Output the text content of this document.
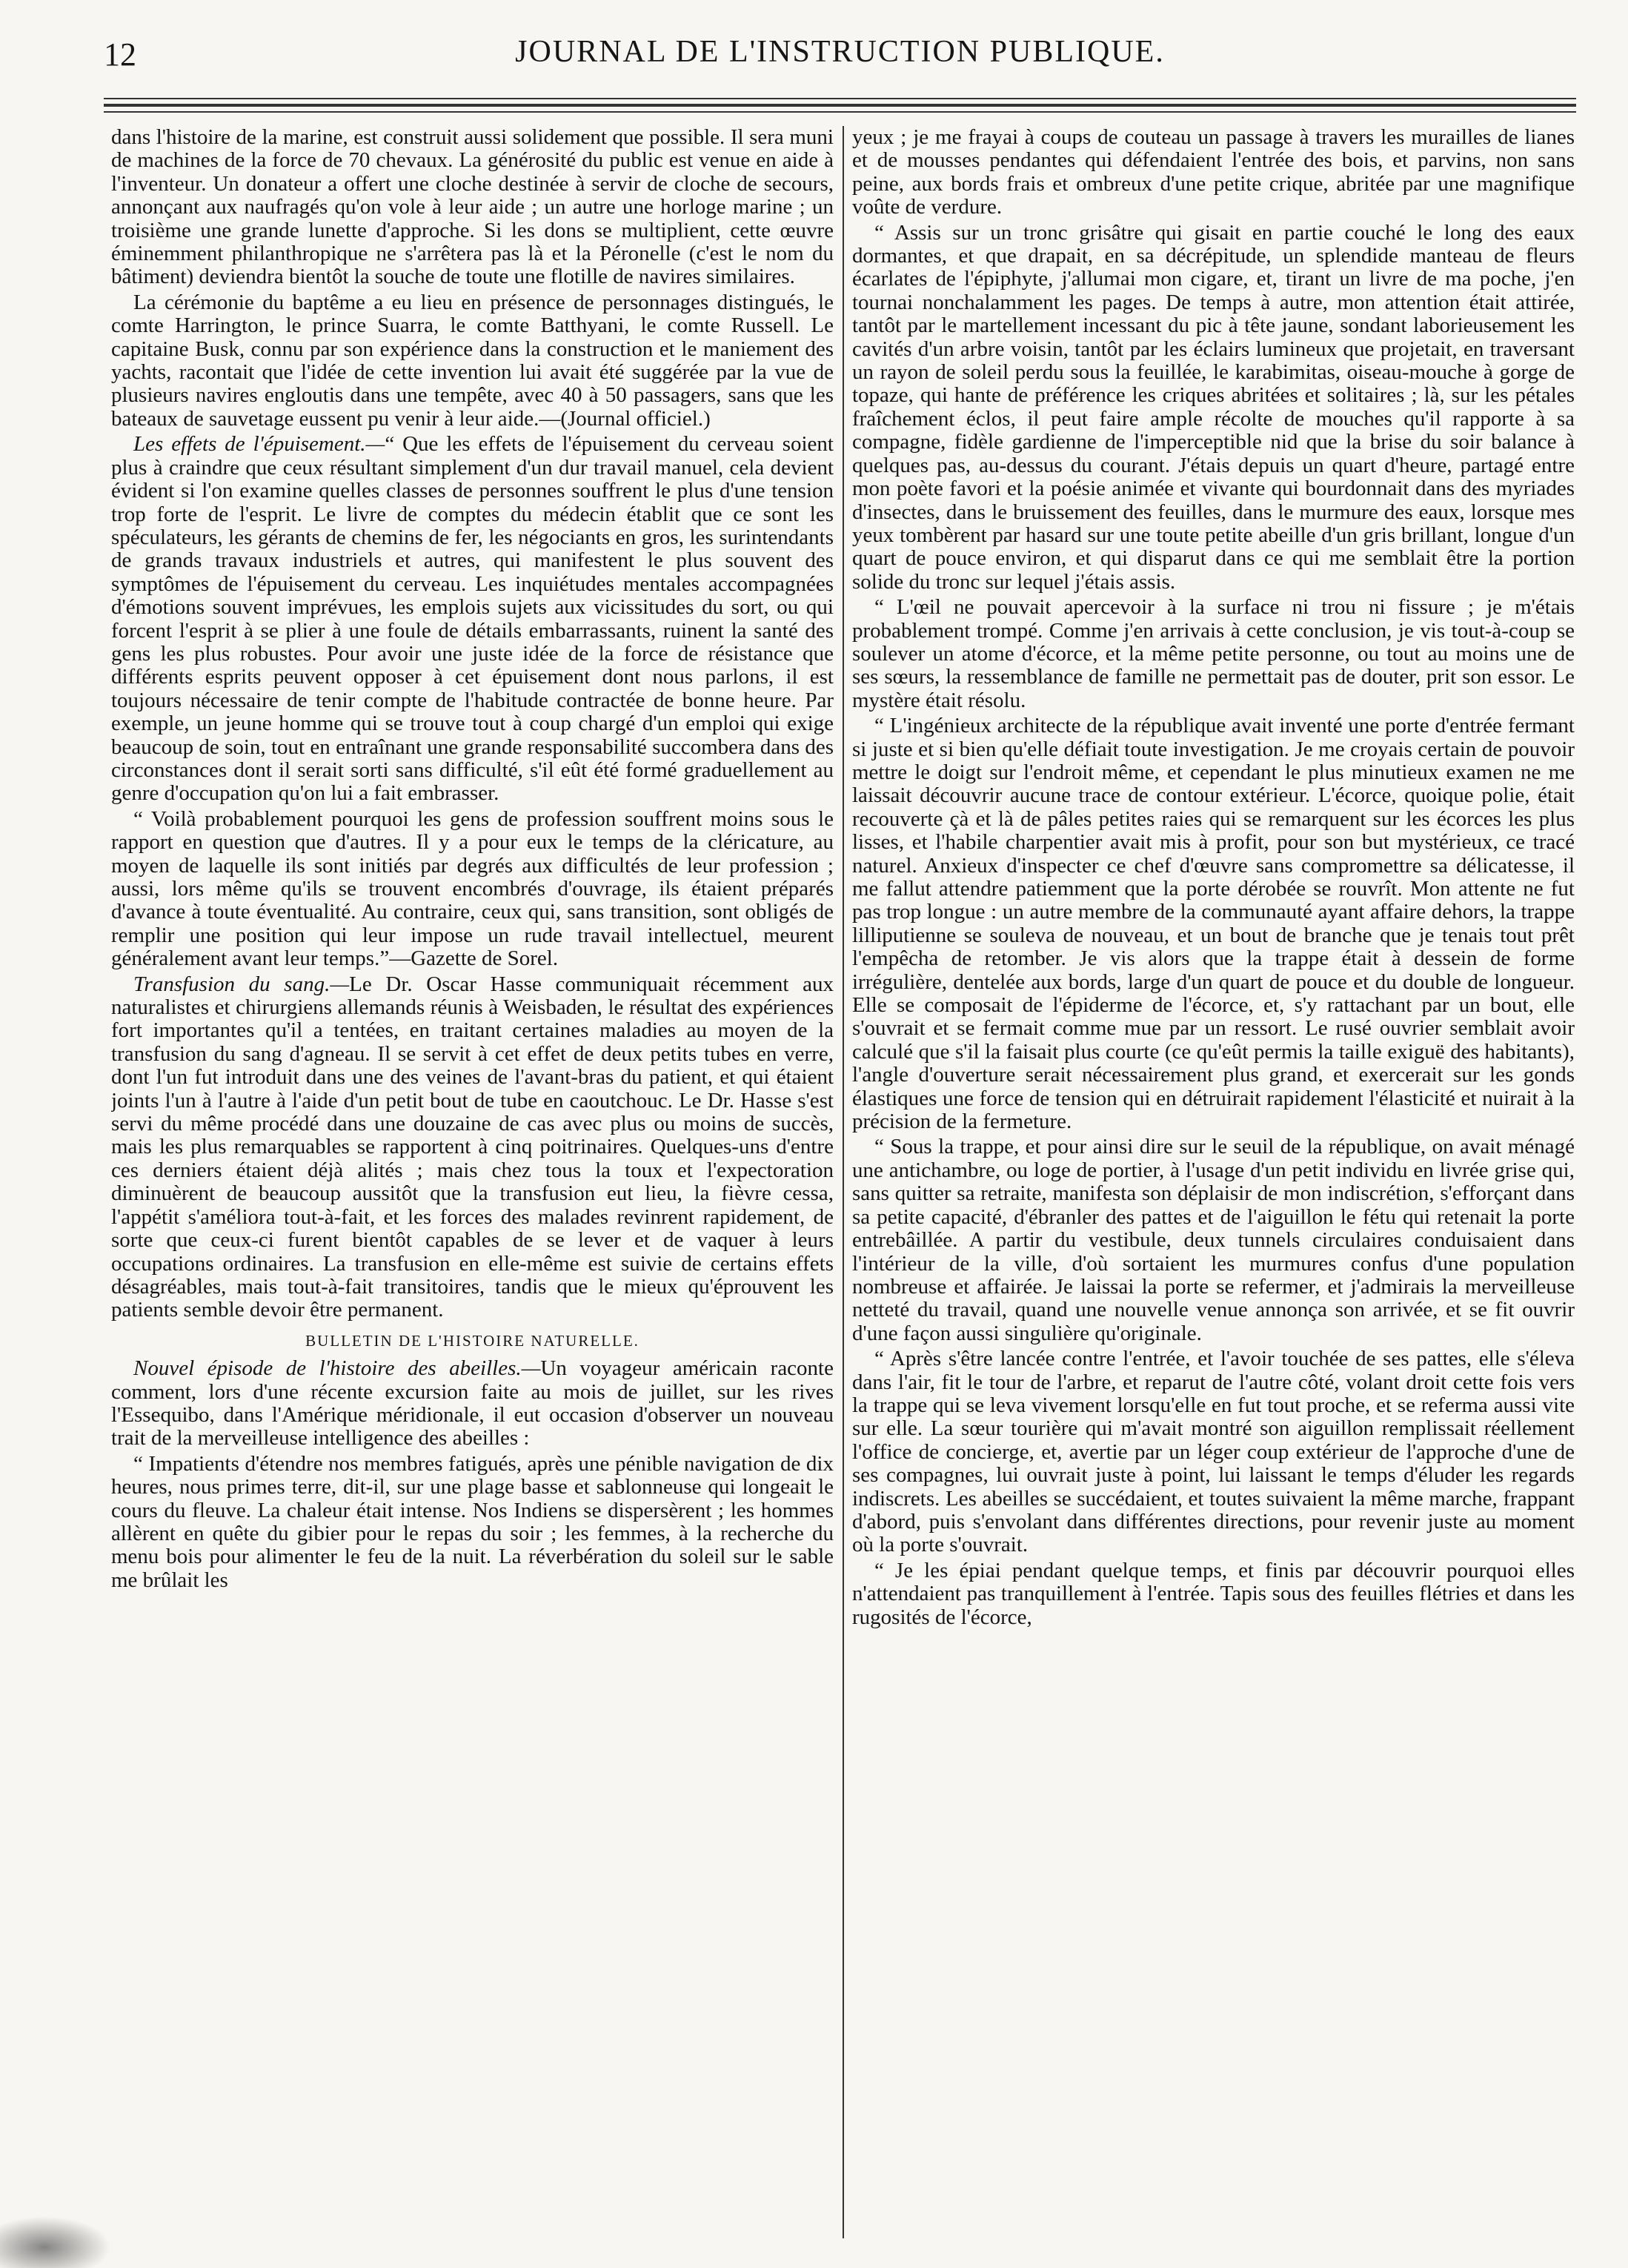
12	JOURNAL DE L'INSTRUCTION PUBLIQUE.

dans l'histoire de la marine, est construit aussi solidement que possible. Il sera muni de machines de la force de 70 chevaux. La générosité du public est venue en aide à l'inventeur. Un donateur a offert une cloche destinée à servir de cloche de secours, annonçant aux naufragés qu'on vole à leur aide ; un autre une horloge marine ; un troisième une grande lunette d'approche. Si les dons se multiplient, cette œuvre éminemment philanthropique ne s'arrêtera pas là et la Péronelle (c'est le nom du bâtiment) deviendra bientôt la souche de toute une flotille de navires similaires.

La cérémonie du baptême a eu lieu en présence de personnages distingués, le comte Harrington, le prince Suarra, le comte Batthyani, le comte Russell. Le capitaine Busk, connu par son expérience dans la construction et le maniement des yachts, racontait que l'idée de cette invention lui avait été suggérée par la vue de plusieurs navires engloutis dans une tempête, avec 40 à 50 passagers, sans que les bateaux de sauvetage eussent pu venir à leur aide.—(Journal officiel.)

Les effets de l'épuisement.—“ Que les effets de l'épuisement du cerveau soient plus à craindre que ceux résultant simplement d'un dur travail manuel, cela devient évident si l'on examine quelles classes de personnes souffrent le plus d'une tension trop forte de l'esprit. Le livre de comptes du médecin établit que ce sont les spéculateurs, les gérants de chemins de fer, les négociants en gros, les surintendants de grands travaux industriels et autres, qui manifestent le plus souvent des symptômes de l'épuisement du cerveau. Les inquiétudes mentales accompagnées d'émotions souvent imprévues, les emplois sujets aux vicissitudes du sort, ou qui forcent l'esprit à se plier à une foule de détails embarrassants, ruinent la santé des gens les plus robustes. Pour avoir une juste idée de la force de résistance que différents esprits peuvent opposer à cet épuisement dont nous parlons, il est toujours nécessaire de tenir compte de l'habitude contractée de bonne heure. Par exemple, un jeune homme qui se trouve tout à coup chargé d'un emploi qui exige beaucoup de soin, tout en entraînant une grande responsabilité succombera dans des circonstances dont il serait sorti sans difficulté, s'il eût été formé graduellement au genre d'occupation qu'on lui a fait embrasser.

“ Voilà probablement pourquoi les gens de profession souffrent moins sous le rapport en question que d'autres. Il y a pour eux le temps de la cléricature, au moyen de laquelle ils sont initiés par degrés aux difficultés de leur profession ; aussi, lors même qu'ils se trouvent encombrés d'ouvrage, ils étaient préparés d'avance à toute éventualité. Au contraire, ceux qui, sans transition, sont obligés de remplir une position qui leur impose un rude travail intellectuel, meurent généralement avant leur temps.”—Gazette de Sorel.

Transfusion du sang.—Le Dr. Oscar Hasse communiquait récemment aux naturalistes et chirurgiens allemands réunis à Weisbaden, le résultat des expériences fort importantes qu'il a tentées, en traitant certaines maladies au moyen de la transfusion du sang d'agneau. Il se servit à cet effet de deux petits tubes en verre, dont l'un fut introduit dans une des veines de l'avant-bras du patient, et qui étaient joints l'un à l'autre à l'aide d'un petit bout de tube en caoutchouc. Le Dr. Hasse s'est servi du même procédé dans une douzaine de cas avec plus ou moins de succès, mais les plus remarquables se rapportent à cinq poitrinaires. Quelques-uns d'entre ces derniers étaient déjà alités ; mais chez tous la toux et l'expectoration diminuèrent de beaucoup aussitôt que la transfusion eut lieu, la fièvre cessa, l'appétit s'améliora tout-à-fait, et les forces des malades revinrent rapidement, de sorte que ceux-ci furent bientôt capables de se lever et de vaquer à leurs occupations ordinaires. La transfusion en elle-même est suivie de certains effets désagréables, mais tout-à-fait transitoires, tandis que le mieux qu'éprouvent les patients semble devoir être permanent.

BULLETIN DE L'HISTOIRE NATURELLE.

Nouvel épisode de l'histoire des abeilles.—Un voyageur américain raconte comment, lors d'une récente excursion faite au mois de juillet, sur les rives l'Essequibo, dans l'Amérique méridionale, il eut occasion d'observer un nouveau trait de la merveilleuse intelligence des abeilles :

“ Impatients d'étendre nos membres fatigués, après une pénible navigation de dix heures, nous primes terre, dit-il, sur une plage basse et sablonneuse qui longeait le cours du fleuve. La chaleur était intense. Nos Indiens se dispersèrent ; les hommes allèrent en quête du gibier pour le repas du soir ; les femmes, à la recherche du menu bois pour alimenter le feu de la nuit. La réverbération du soleil sur le sable me brûlait les

yeux ; je me frayai à coups de couteau un passage à travers les murailles de lianes et de mousses pendantes qui défendaient l'entrée des bois, et parvins, non sans peine, aux bords frais et ombreux d'une petite crique, abritée par une magnifique voûte de verdure.

“ Assis sur un tronc grisâtre qui gisait en partie couché le long des eaux dormantes, et que drapait, en sa décrépitude, un splendide manteau de fleurs écarlates de l'épiphyte, j'allumai mon cigare, et, tirant un livre de ma poche, j'en tournai nonchalamment les pages. De temps à autre, mon attention était attirée, tantôt par le martellement incessant du pic à tête jaune, sondant laborieusement les cavités d'un arbre voisin, tantôt par les éclairs lumineux que projetait, en traversant un rayon de soleil perdu sous la feuillée, le karabimitas, oiseau-mouche à gorge de topaze, qui hante de préférence les criques abritées et solitaires ; là, sur les pétales fraîchement éclos, il peut faire ample récolte de mouches qu'il rapporte à sa compagne, fidèle gardienne de l'imperceptible nid que la brise du soir balance à quelques pas, au-dessus du courant. J'étais depuis un quart d'heure, partagé entre mon poète favori et la poésie animée et vivante qui bourdonnait dans des myriades d'insectes, dans le bruissement des feuilles, dans le murmure des eaux, lorsque mes yeux tombèrent par hasard sur une toute petite abeille d'un gris brillant, longue d'un quart de pouce environ, et qui disparut dans ce qui me semblait être la portion solide du tronc sur lequel j'étais assis.

“ L'œil ne pouvait apercevoir à la surface ni trou ni fissure ; je m'étais probablement trompé. Comme j'en arrivais à cette conclusion, je vis tout-à-coup se soulever un atome d'écorce, et la même petite personne, ou tout au moins une de ses sœurs, la ressemblance de famille ne permettait pas de douter, prit son essor. Le mystère était résolu.

“ L'ingénieux architecte de la république avait inventé une porte d'entrée fermant si juste et si bien qu'elle défiait toute investigation. Je me croyais certain de pouvoir mettre le doigt sur l'endroit même, et cependant le plus minutieux examen ne me laissait découvrir aucune trace de contour extérieur. L'écorce, quoique polie, était recouverte çà et là de pâles petites raies qui se remarquent sur les écorces les plus lisses, et l'habile charpentier avait mis à profit, pour son but mystérieux, ce tracé naturel. Anxieux d'inspecter ce chef d'œuvre sans compromettre sa délicatesse, il me fallut attendre patiemment que la porte dérobée se rouvrît. Mon attente ne fut pas trop longue : un autre membre de la communauté ayant affaire dehors, la trappe lilliputienne se souleva de nouveau, et un bout de branche que je tenais tout prêt l'empêcha de retomber. Je vis alors que la trappe était à dessein de forme irrégulière, dentelée aux bords, large d'un quart de pouce et du double de longueur. Elle se composait de l'épiderme de l'écorce, et, s'y rattachant par un bout, elle s'ouvrait et se fermait comme mue par un ressort. Le rusé ouvrier semblait avoir calculé que s'il la faisait plus courte (ce qu'eût permis la taille exiguë des habitants), l'angle d'ouverture serait nécessairement plus grand, et exercerait sur les gonds élastiques une force de tension qui en détruirait rapidement l'élasticité et nuirait à la précision de la fermeture.

“ Sous la trappe, et pour ainsi dire sur le seuil de la république, on avait ménagé une antichambre, ou loge de portier, à l'usage d'un petit individu en livrée grise qui, sans quitter sa retraite, manifesta son déplaisir de mon indiscrétion, s'efforçant dans sa petite capacité, d'ébranler des pattes et de l'aiguillon le fétu qui retenait la porte entrebâillée. A partir du vestibule, deux tunnels circulaires conduisaient dans l'intérieur de la ville, d'où sortaient les murmures confus d'une population nombreuse et affairée. Je laissai la porte se refermer, et j'admirais la merveilleuse netteté du travail, quand une nouvelle venue annonça son arrivée, et se fit ouvrir d'une façon aussi singulière qu'originale.

“ Après s'être lancée contre l'entrée, et l'avoir touchée de ses pattes, elle s'éleva dans l'air, fit le tour de l'arbre, et reparut de l'autre côté, volant droit cette fois vers la trappe qui se leva vivement lorsqu'elle en fut tout proche, et se referma aussi vite sur elle. La sœur tourière qui m'avait montré son aiguillon remplissait réellement l'office de concierge, et, avertie par un léger coup extérieur de l'approche d'une de ses compagnes, lui ouvrait juste à point, lui laissant le temps d'éluder les regards indiscrets. Les abeilles se succédaient, et toutes suivaient la même marche, frappant d'abord, puis s'envolant dans différentes directions, pour revenir juste au moment où la porte s'ouvrait.

“ Je les épiai pendant quelque temps, et finis par découvrir pourquoi elles n'attendaient pas tranquillement à l'entrée. Tapis sous des feuilles flétries et dans les rugosités de l'écorce,
